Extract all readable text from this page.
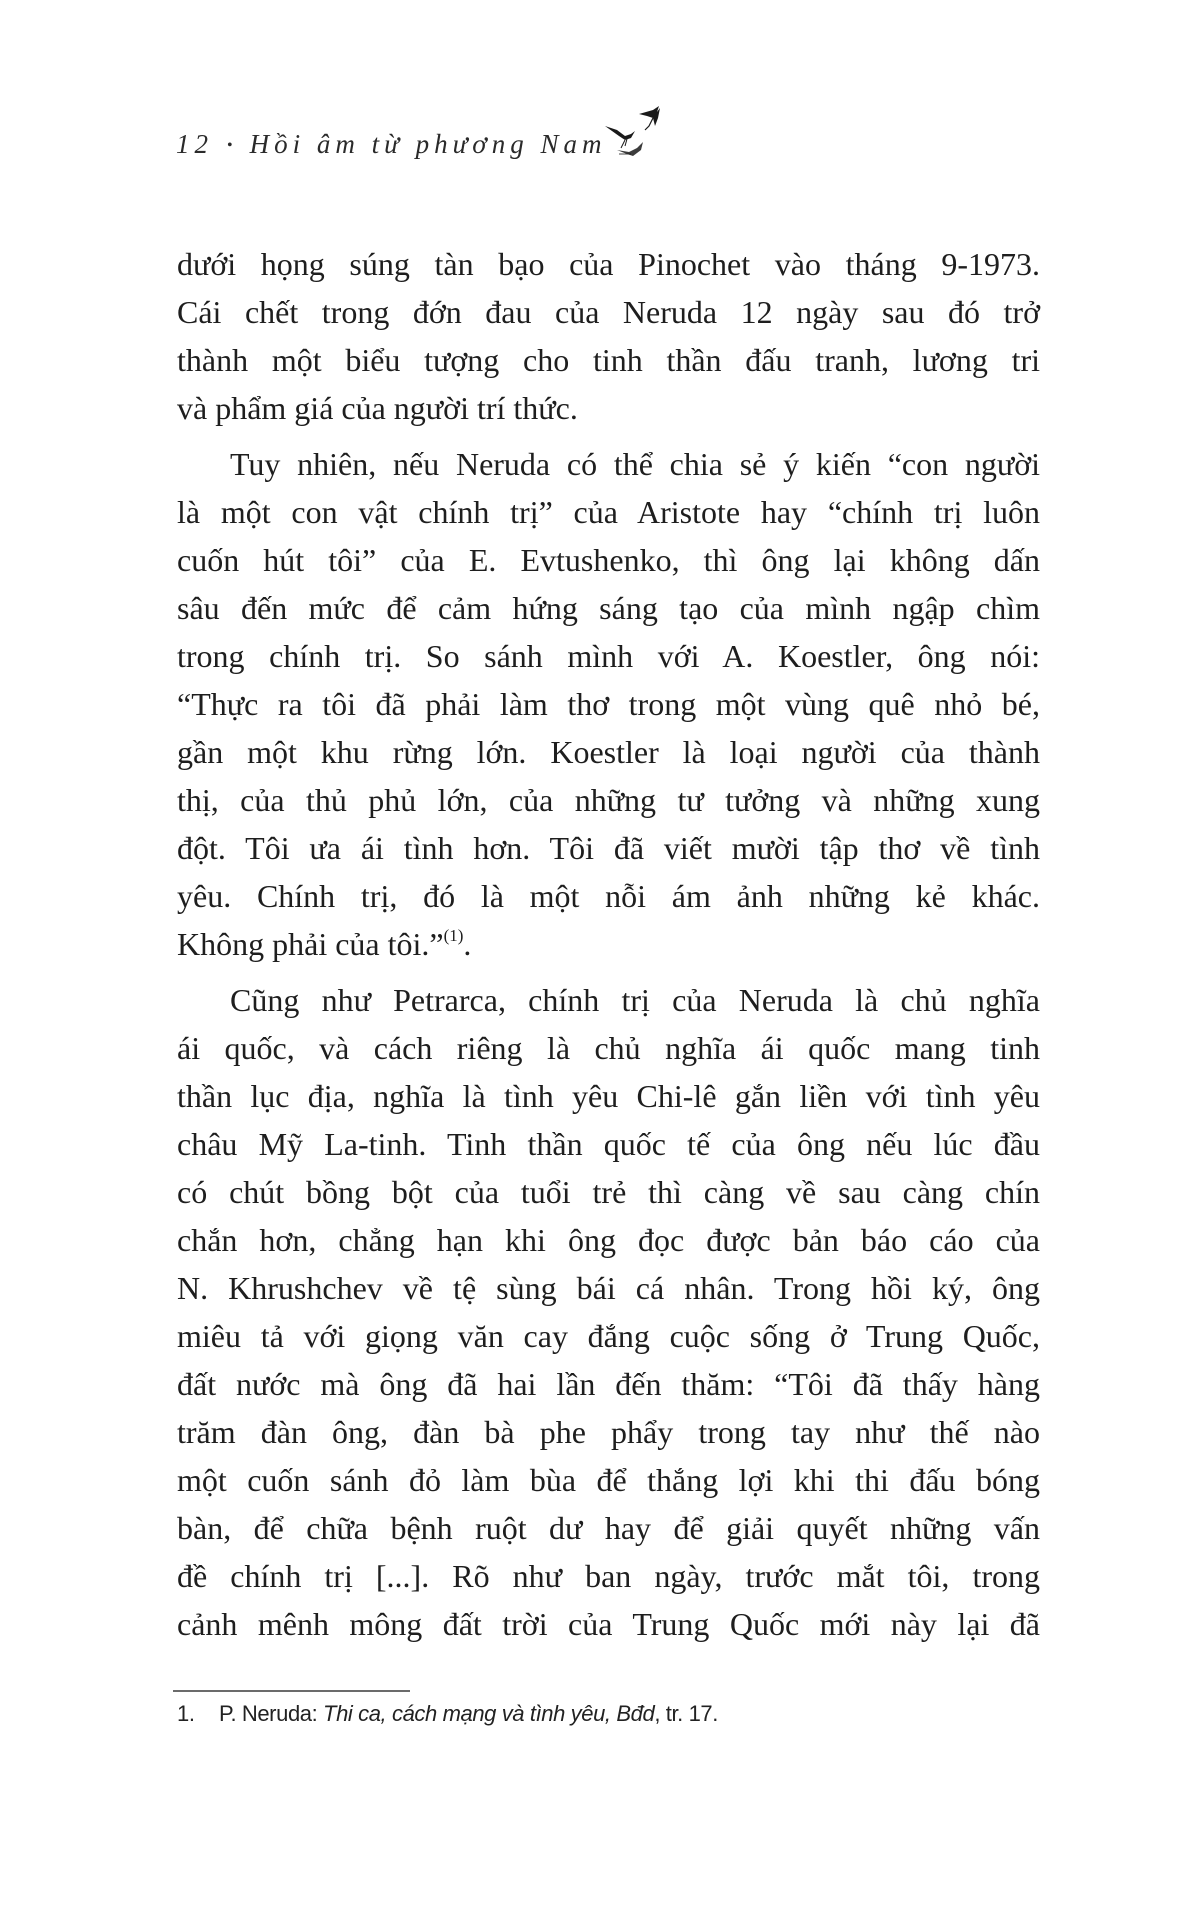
12 • Hồi âm từ phương Nam
dưới họng súng tàn bạo của Pinochet vào tháng 9-1973.
Cái chết trong đớn đau của Neruda 12 ngày sau đó trở
thành một biểu tượng cho tinh thần đấu tranh, lương tri
và phẩm giá của người trí thức.
Tuy nhiên, nếu Neruda có thể chia sẻ ý kiến “con người
là một con vật chính trị” của Aristote hay “chính trị luôn
cuốn hút tôi” của E. Evtushenko, thì ông lại không dấn
sâu đến mức để cảm hứng sáng tạo của mình ngập chìm
trong chính trị. So sánh mình với A. Koestler, ông nói:
“Thực ra tôi đã phải làm thơ trong một vùng quê nhỏ bé,
gần một khu rừng lớn. Koestler là loại người của thành
thị, của thủ phủ lớn, của những tư tưởng và những xung
đột. Tôi ưa ái tình hơn. Tôi đã viết mười tập thơ về tình
yêu. Chính trị, đó là một nỗi ám ảnh những kẻ khác.
Không phải của tôi.”$^{(1)}$.
Cũng như Petrarca, chính trị của Neruda là chủ nghĩa
ái quốc, và cách riêng là chủ nghĩa ái quốc mang tinh
thần lục địa, nghĩa là tình yêu Chi-lê gắn liền với tình yêu
châu Mỹ La-tinh. Tinh thần quốc tế của ông nếu lúc đầu
có chút bồng bột của tuổi trẻ thì càng về sau càng chín
chắn hơn, chẳng hạn khi ông đọc được bản báo cáo của
N. Khrushchev về tệ sùng bái cá nhân. Trong hồi ký, ông
miêu tả với giọng văn cay đắng cuộc sống ở Trung Quốc,
đất nước mà ông đã hai lần đến thăm: “Tôi đã thấy hàng
trăm đàn ông, đàn bà phe phẩy trong tay như thế nào
một cuốn sánh đỏ làm bùa để thắng lợi khi thi đấu bóng
bàn, để chữa bệnh ruột dư hay để giải quyết những vấn
đề chính trị [...]. Rõ như ban ngày, trước mắt tôi, trong
cảnh mênh mông đất trời của Trung Quốc mới này lại đã
1. P. Neruda: Thi ca, cách mạng và tình yêu, Bđd, tr. 17.
